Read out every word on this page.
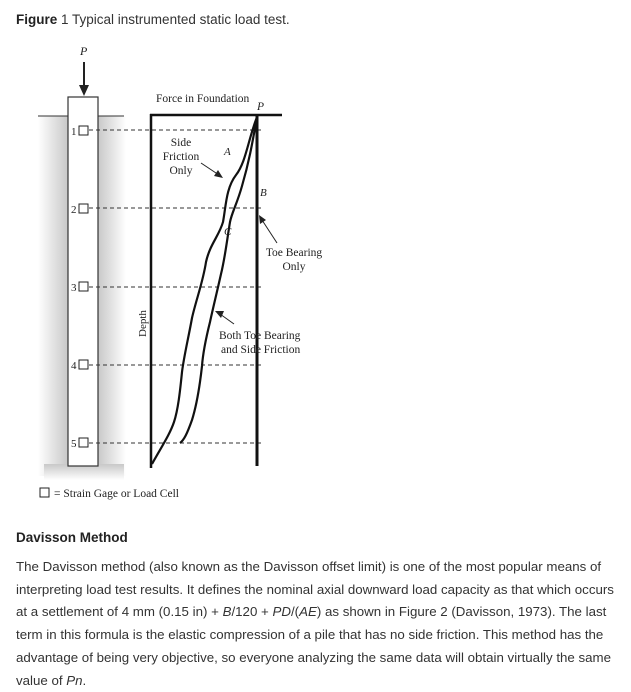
Figure 1 Typical instrumented static load test.
P
1
2
3
4
5
Force in Foundation
P
Depth
A
B
C
Side
Friction
Only
Toe Bearing
Only
Both Toe Bearing
and Side Friction
= Strain Gage or Load Cell
Davisson Method

The Davisson method (also known as the Davisson offset limit) is one of the most popular means of interpreting load test results. It defines the nominal axial downward load capacity as that which occurs at a settlement of 4 mm (0.15 in) + B/120 + PD/(AE) as shown in Figure 2 (Davisson, 1973). The last term in this formula is the elastic compression of a pile that has no side friction. This method has the advantage of being very objective, so everyone analyzing the same data will obtain virtually the same value of Pn.
